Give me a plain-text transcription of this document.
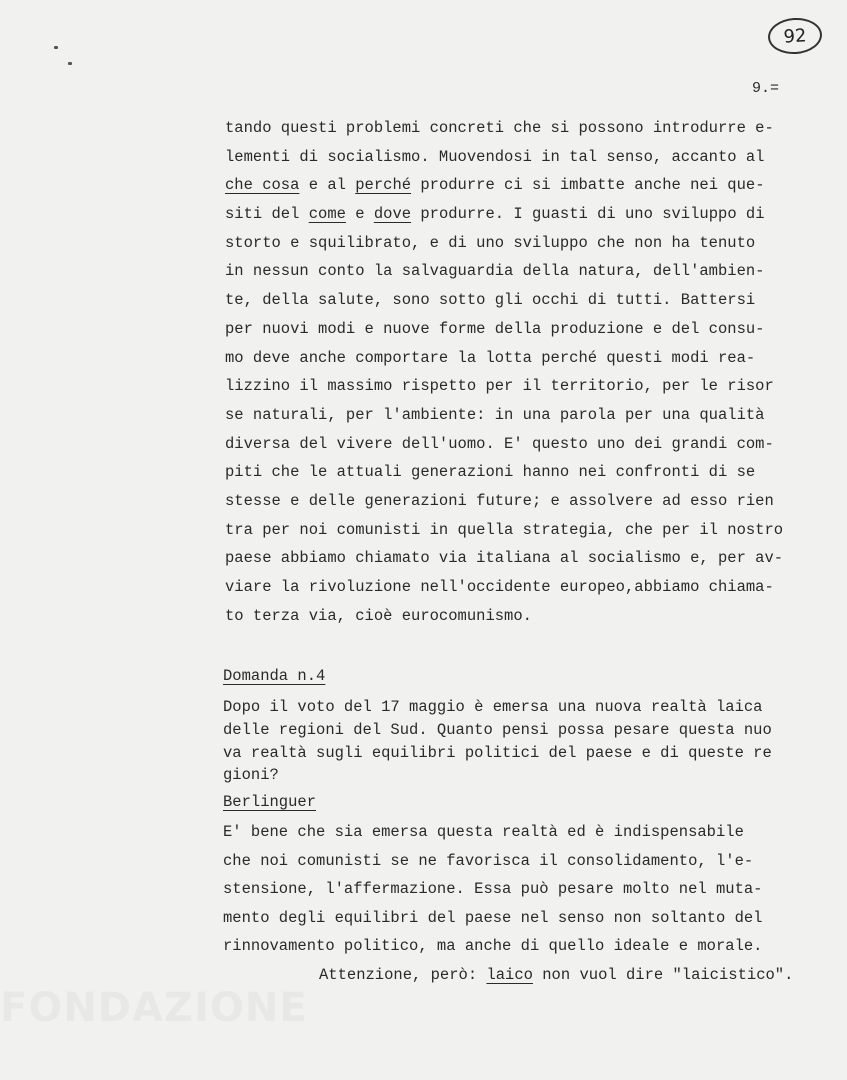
FONDAZIONE
92
9.=
tando questi problemi concreti che si possono introdurre e-
lementi di socialismo. Muovendosi in tal senso, accanto al
che cosa e al perché produrre ci si imbatte anche nei que-
siti del come e dove produrre. I guasti di uno sviluppo di
storto e squilibrato, e di uno sviluppo che non ha tenuto
in nessun conto la salvaguardia della natura, dell'ambien-
te, della salute, sono sotto gli occhi di tutti. Battersi
per nuovi modi e nuove forme della produzione e del consu-
mo deve anche comportare la lotta perché questi modi rea-
lizzino il massimo rispetto per il territorio, per le risor
se naturali, per l'ambiente: in una parola per una qualità
diversa del vivere dell'uomo. E' questo uno dei grandi com-
piti che le attuali generazioni hanno nei confronti di se
stesse e delle generazioni future; e assolvere ad esso rien
tra per noi comunisti in quella strategia, che per il nostro
paese abbiamo chiamato via italiana al socialismo e, per av-
viare la rivoluzione nell'occidente europeo,abbiamo chiama-
to terza via, cioè eurocomunismo.
Domanda n.4
Dopo il voto del 17 maggio è emersa una nuova realtà laica
delle regioni del Sud. Quanto pensi possa pesare questa nuo
va realtà sugli equilibri politici del paese e di queste re
gioni?
Berlinguer
E' bene che sia emersa questa realtà ed è indispensabile
che noi comunisti se ne favorisca il consolidamento, l'e-
stensione, l'affermazione. Essa può pesare molto nel muta-
mento degli equilibri del paese nel senso non soltanto del
rinnovamento politico, ma anche di quello ideale e morale.
Attenzione, però: laico non vuol dire "laicistico".
